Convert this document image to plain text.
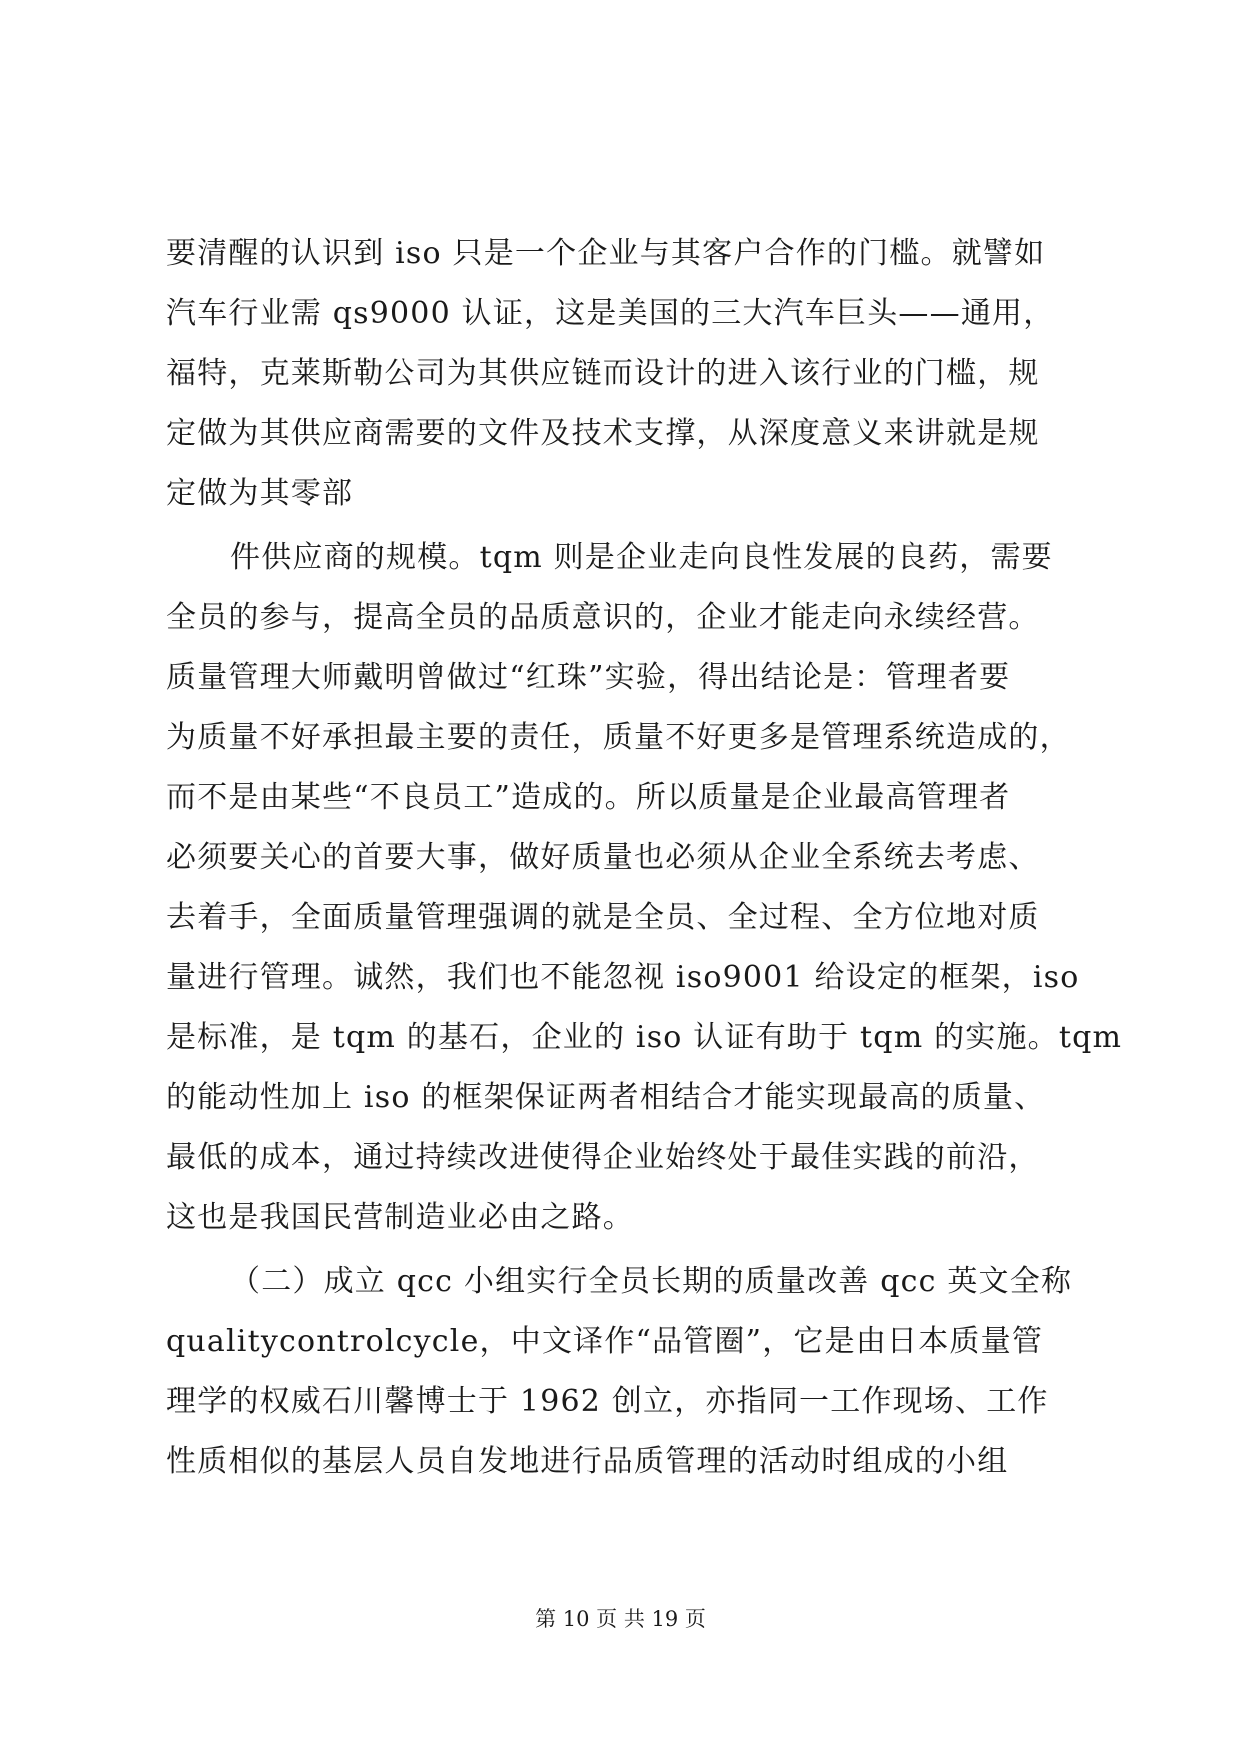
要清醒的认识到 iso 只是一个企业与其客户合作的门槛。就譬如
汽车行业需 qs9000 认证，这是美国的三大汽车巨头——通用，
福特，克莱斯勒公司为其供应链而设计的进入该行业的门槛，规
定做为其供应商需要的文件及技术支撑，从深度意义来讲就是规
定做为其零部
件供应商的规模。tqm 则是企业走向良性发展的良药，需要
全员的参与，提高全员的品质意识的，企业才能走向永续经营。
质量管理大师戴明曾做过“红珠”实验，得出结论是：管理者要
为质量不好承担最主要的责任，质量不好更多是管理系统造成的，
而不是由某些“不良员工”造成的。所以质量是企业最高管理者
必须要关心的首要大事，做好质量也必须从企业全系统去考虑、
去着手，全面质量管理强调的就是全员、全过程、全方位地对质
量进行管理。诚然，我们也不能忽视 iso9001 给设定的框架，iso
是标准，是 tqm 的基石，企业的 iso 认证有助于 tqm 的实施。tqm
的能动性加上 iso 的框架保证两者相结合才能实现最高的质量、
最低的成本，通过持续改进使得企业始终处于最佳实践的前沿，
这也是我国民营制造业必由之路。
（二）成立 qcc 小组实行全员长期的质量改善 qcc 英文全称
qualitycontrolcycle，中文译作“品管圈”，它是由日本质量管
理学的权威石川馨博士于 1962 创立，亦指同一工作现场、工作
性质相似的基层人员自发地进行品质管理的活动时组成的小组
第 10 页 共 19 页
